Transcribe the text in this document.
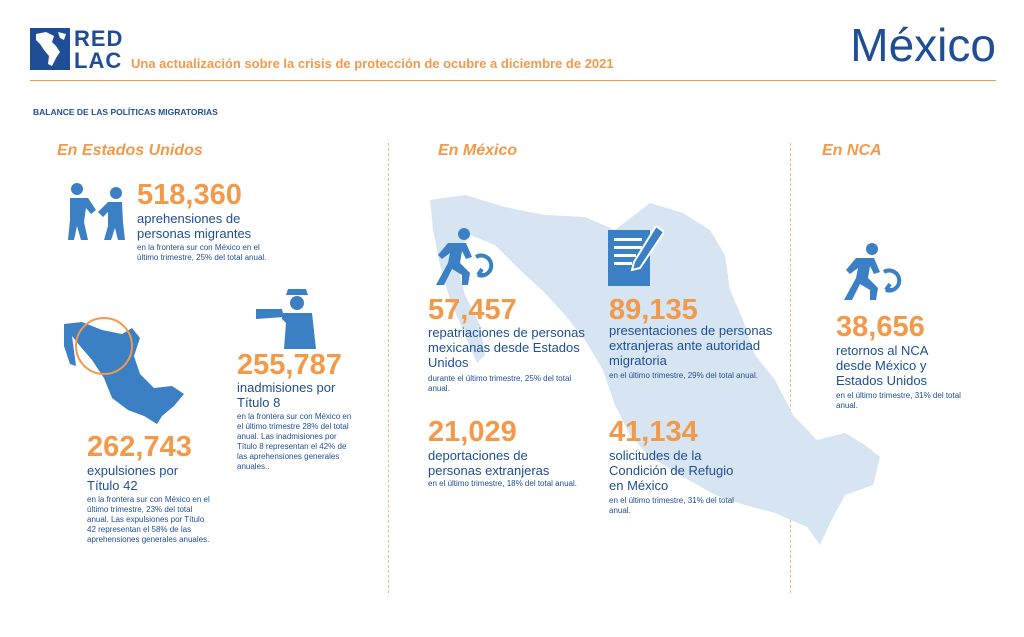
RED
LAC Una actualización sobre la crisis de protección de ocubre a diciembre de 2021	México
BALANCE DE LAS POLÍTICAS MIGRATORIAS
En Estados Unidos	En México	En NCA
518,360
aprehensiones de personas migrantes
en la frontera sur con México en el último trimestre, 25% del total anual.
255,787
inadmisiones por Título 8
en la frontera sur con México en el último trimestre 28% del total anual. Las inadmisiones por Título 8 representan el 42% de las aprehensiones generales anuales..
262,743
expulsiones por Título 42
en la frontera sur con México en el último trimestre, 23% del total anual. Las expulsiones por Título 42 representan el 58% de las aprehensiones generales anuales.
57,457
repatriaciones de personas mexicanas desde Estados Unidos
durante el último trimestre, 25% del total anual.
89,135
presentaciones de personas extranjeras ante autoridad migratoria
en el último trimestre, 29% del total anual.
21,029
deportaciones de personas extranjeras
en el último trimestre, 18% del total anual.
41,134
solicitudes de la Condición de Refugio en México
en el último trimestre, 31% del total anual.
38,656
retornos al NCA desde México y Estados Unidos
en el último trimestre, 31% del total anual.
